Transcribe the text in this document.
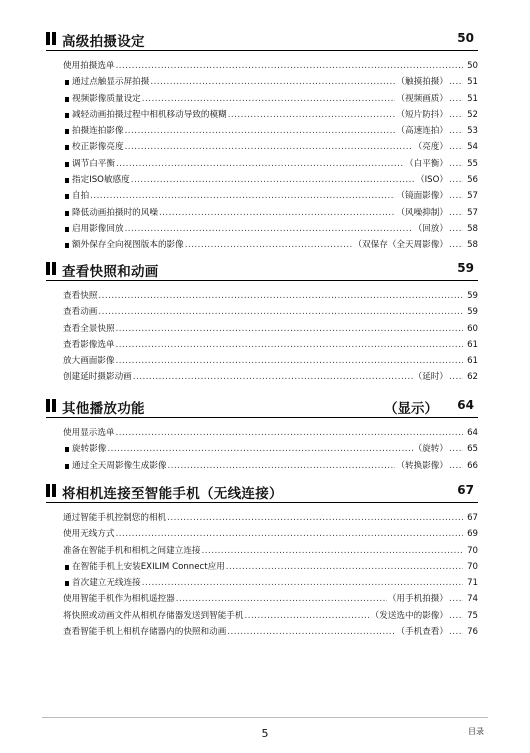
高级拍摄设定	50
使用拍摄选单 .....	50
通过点触显示屏拍摄 .....	（触摸拍摄） .....	51
视频影像质量设定 .....	（视频画质） .....	51
减轻动画拍摄过程中相机移动导致的模糊 .....	（短片防抖） .....	52
拍摄连拍影像 .....	（高速连拍） .....	53
校正影像亮度 .....	（亮度） .....	54
调节白平衡 .....	（白平衡） .....	55
指定ISO敏感度 .....	（ISO） .....	56
自拍 .....	（镜面影像） .....	57
降低动画拍摄时的风噪 .....	（风噪抑制） .....	57
启用影像回放 .....	（回放） .....	58
额外保存全向视图版本的影像 .....	（双保存（全天周影像） .....	58
查看快照和动画	59
查看快照 .....	59
查看动画 .....	59
查看全景快照 .....	60
查看影像选单 .....	61
放大画面影像 .....	61
创建延时摄影动画 .....	（延时） .....	62
其他播放功能	（显示） 64
使用显示选单 .....	64
旋转影像 .....	（旋转） .....	65
通过全天周影像生成影像 .....	（转换影像） .....	66
将相机连接至智能手机（无线连接）	67
通过智能手机控制您的相机 .....	67
使用无线方式 .....	69
准备在智能手机和相机之间建立连接 .....	70
在智能手机上安装EXILIM Connect应用 .....	70
首次建立无线连接 .....	71
使用智能手机作为相机遥控器 .....	（用手机拍摄） .....	74
将快照或动画文件从相机存储器发送到智能手机 .....	（发送选中的影像） .....	75
查看智能手机上相机存储器内的快照和动画 .....	（手机查看） .....	76
5	目录
